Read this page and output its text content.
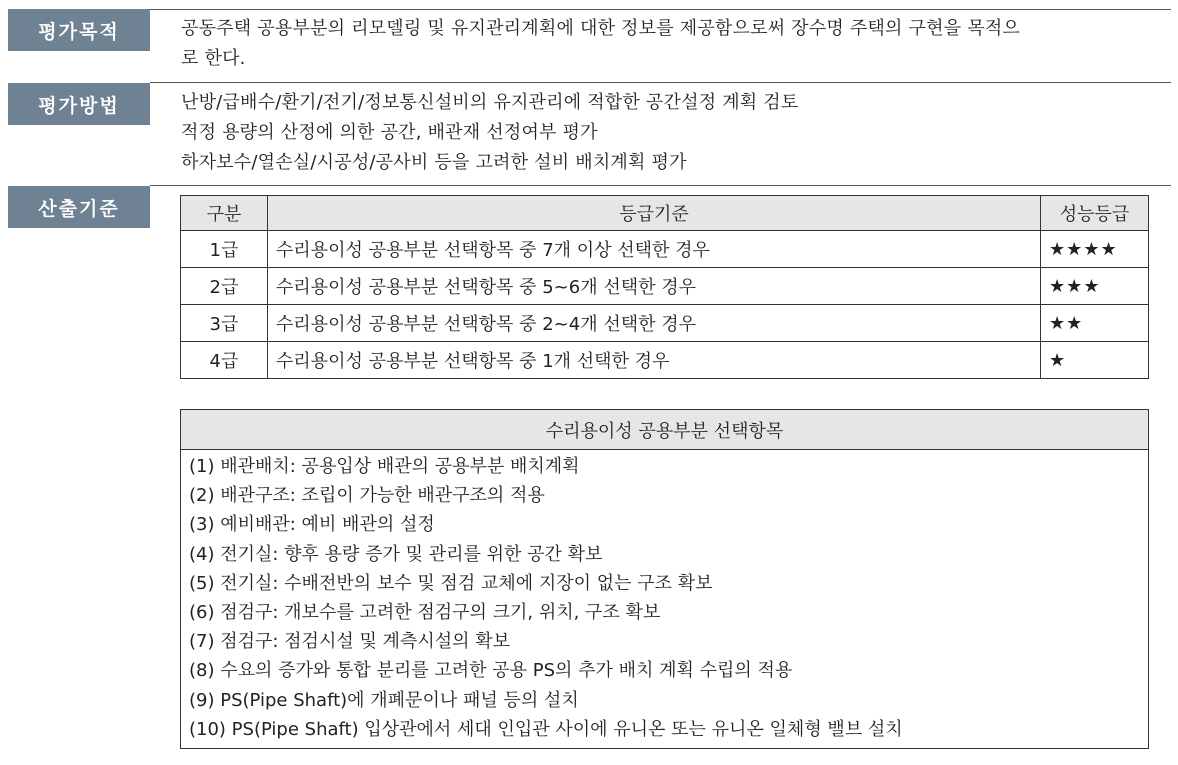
평가목적	공동주택 공용부분의 리모델링 및 유지관리계획에 대한 정보를 제공함으로써 장수명 주택의 구현을 목적으
로 한다.
평가방법	난방/급배수/환기/전기/정보통신설비의 유지관리에 적합한 공간설정 계획 검토
적정 용량의 산정에 의한 공간, 배관재 선정여부 평가
하자보수/열손실/시공성/공사비 등을 고려한 설비 배치계획 평가
산출기준	구분	등급기준	성능등급
1급	수리용이성 공용부분 선택항목 중 7개 이상 선택한 경우	★★★★
2급	수리용이성 공용부분 선택항목 중 5~6개 선택한 경우	★★★
3급	수리용이성 공용부분 선택항목 중 2~4개 선택한 경우	★★
4급	수리용이성 공용부분 선택항목 중 1개 선택한 경우	★
수리용이성 공용부분 선택항목

(1) 배관배치: 공용입상 배관의 공용부분 배치계획
(2) 배관구조: 조립이 가능한 배관구조의 적용
(3) 예비배관: 예비 배관의 설정
(4) 전기실: 향후 용량 증가 및 관리를 위한 공간 확보
(5) 전기실: 수배전반의 보수 및 점검 교체에 지장이 없는 구조 확보
(6) 점검구: 개보수를 고려한 점검구의 크기, 위치, 구조 확보
(7) 점검구: 점검시설 및 계측시설의 확보
(8) 수요의 증가와 통합 분리를 고려한 공용 PS의 추가 배치 계획 수립의 적용
(9) PS(Pipe Shaft)에 개폐문이나 패널 등의 설치
(10) PS(Pipe Shaft) 입상관에서 세대 인입관 사이에 유니온 또는 유니온 일체형 밸브 설치
